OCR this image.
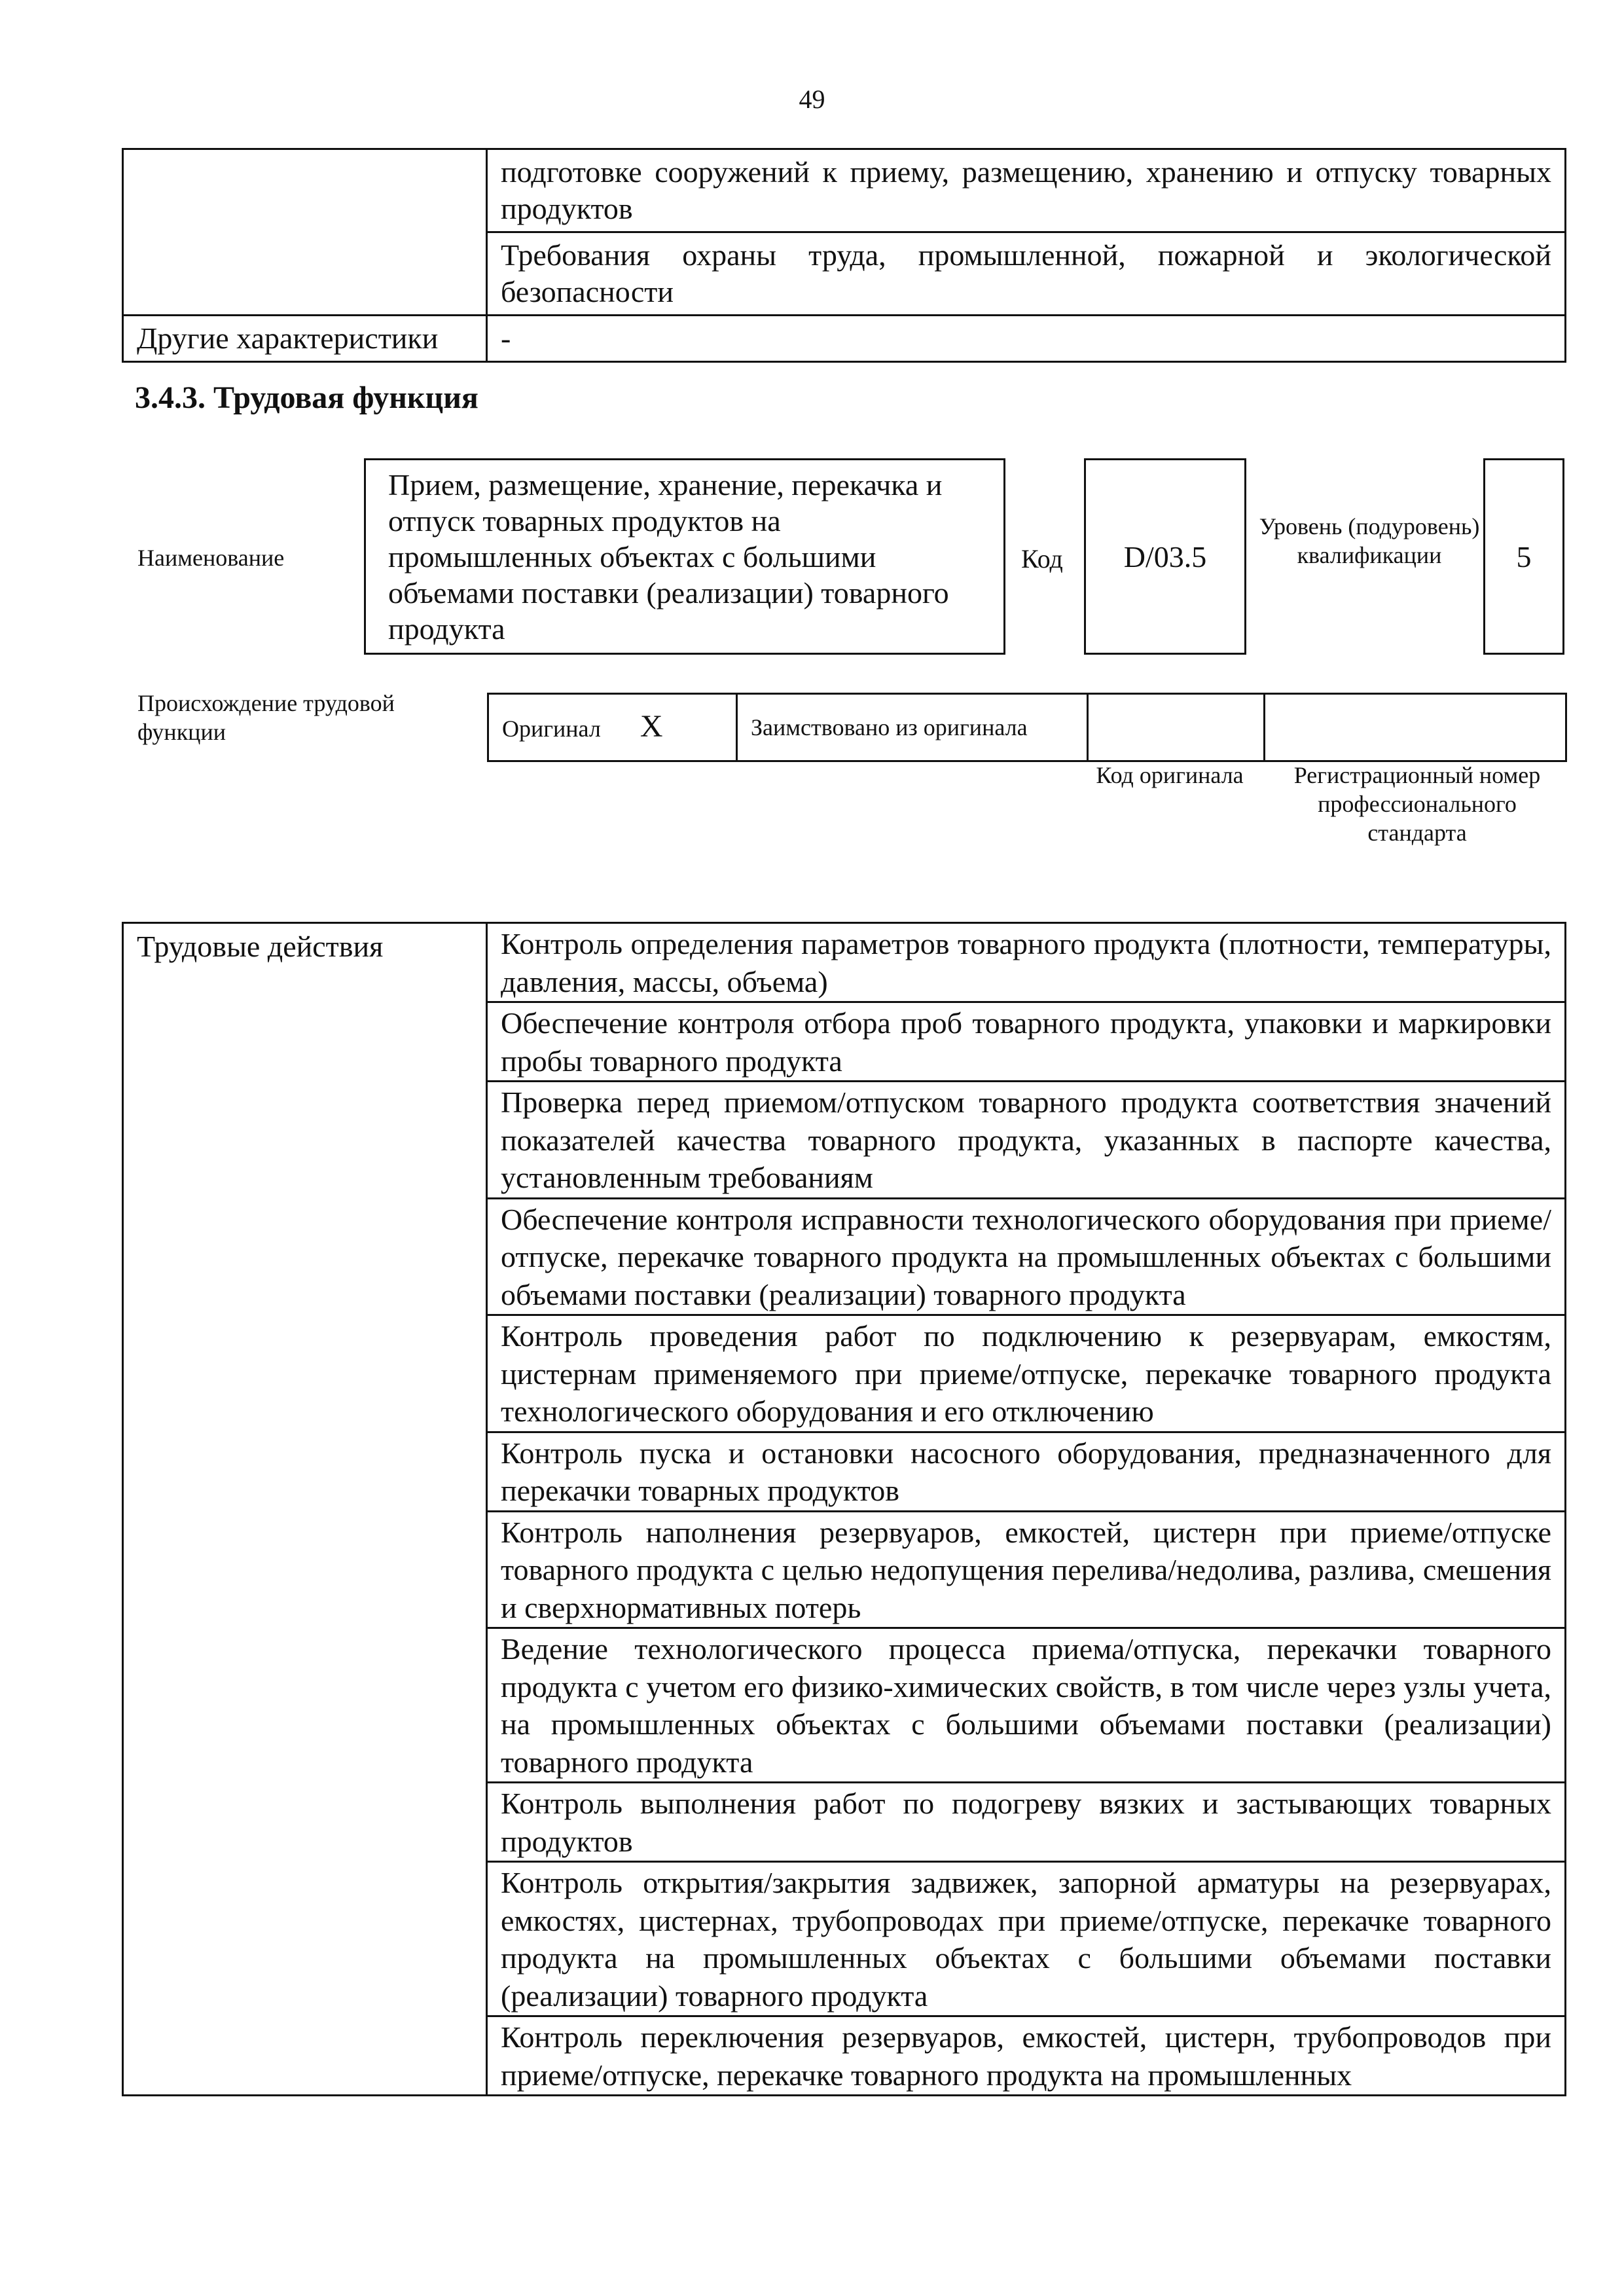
49
	подготовке сооружений к приему, размещению, хранению и отпуску товарных продуктов
	Требования охраны труда, промышленной, пожарной и экологической безопасности
Другие характеристики	-
3.4.3. Трудовая функция
Наименование
Прием, размещение, хранение, перекачка и отпуск товарных продуктов на промышленных объектах с большими объемами поставки (реализации) товарного продукта
Код	D/03.5
Уровень (подуровень) квалификации	5
Происхождение трудовой функции	Оригинал X	Заимствовано из оригинала		
Код оригинала	Регистрационный номер профессионального стандарта
Трудовые действия	Контроль определения параметров товарного продукта (плотности, температуры, давления, массы, объема)
Обеспечение контроля отбора проб товарного продукта, упаковки и маркировки пробы товарного продукта
Проверка перед приемом/отпуском товарного продукта соответствия значений показателей качества товарного продукта, указанных в паспорте качества, установленным требованиям
Обеспечение контроля исправности технологического оборудования при приеме/отпуске, перекачке товарного продукта на промышленных объектах с большими объемами поставки (реализации) товарного продукта
Контроль проведения работ по подключению к резервуарам, емкостям, цистернам применяемого при приеме/отпуске, перекачке товарного продукта технологического оборудования и его отключению
Контроль пуска и остановки насосного оборудования, предназначенного для перекачки товарных продуктов
Контроль наполнения резервуаров, емкостей, цистерн при приеме/отпуске товарного продукта с целью недопущения перелива/недолива, разлива, смешения и сверхнормативных потерь
Ведение технологического процесса приема/отпуска, перекачки товарного продукта с учетом его физико-химических свойств, в том числе через узлы учета, на промышленных объектах с большими объемами поставки (реализации) товарного продукта
Контроль выполнения работ по подогреву вязких и застывающих товарных продуктов
Контроль открытия/закрытия задвижек, запорной арматуры на резервуарах, емкостях, цистернах, трубопроводах при приеме/отпуске, перекачке товарного продукта на промышленных объектах с большими объемами поставки (реализации) товарного продукта
Контроль переключения резервуаров, емкостей, цистерн, трубопроводов при приеме/отпуске, перекачке товарного продукта на промышленных
